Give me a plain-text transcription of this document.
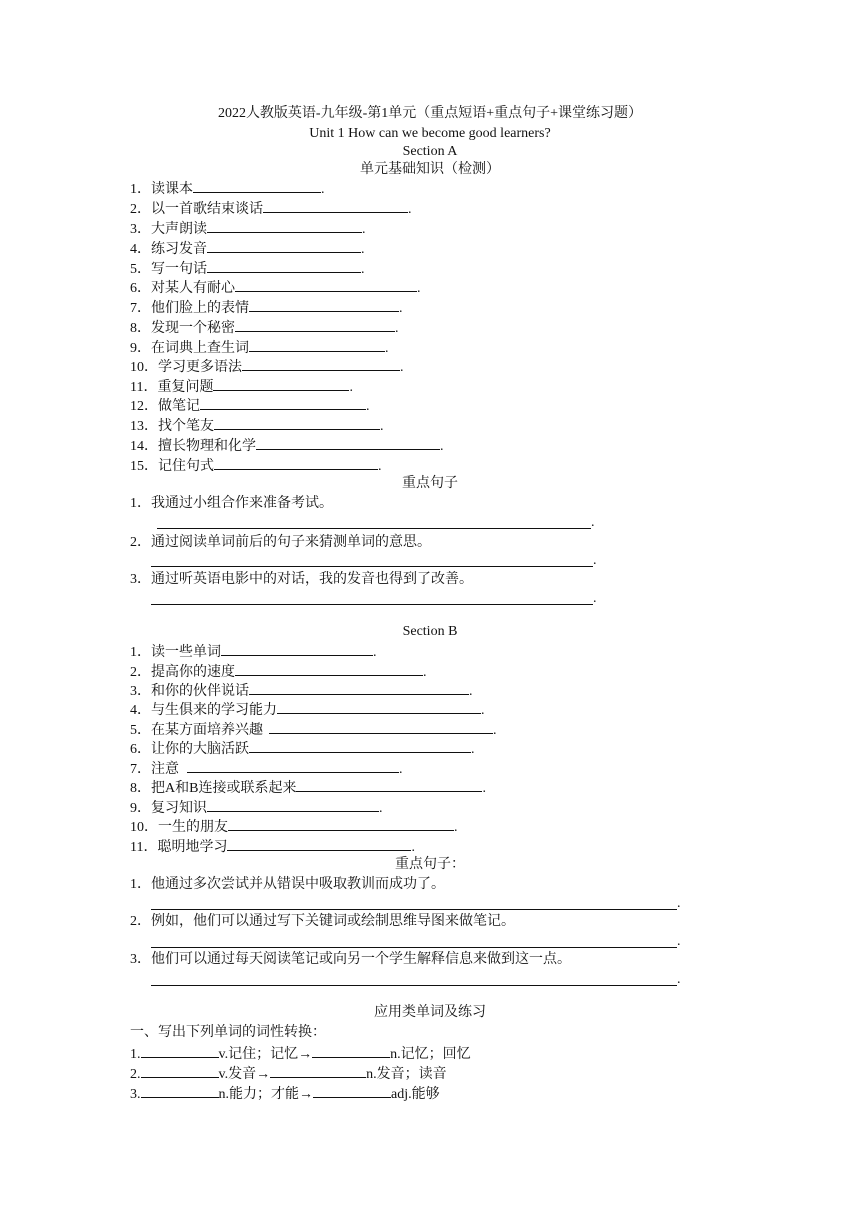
2022人教版英语-九年级-第1单元（重点短语+重点句子+课堂练习题）
Unit 1 How can we become good learners?
Section A
单元基础知识（检测）
1．读课本	.
2．以一首歌结束谈话	.
3．大声朗读	.
4．练习发音	.
5．写一句话	.
6．对某人有耐心	.
7．他们脸上的表情	.
8．发现一个秘密	.
9．在词典上查生词	.
10．学习更多语法	.
11．重复问题	.
12．做笔记	.
13．找个笔友	.
14．擅长物理和化学	.
15．记住句式	.
重点句子
1．我通过小组合作来准备考试。
.
2．通过阅读单词前后的句子来猜测单词的意思。
.
3．通过听英语电影中的对话，我的发音也得到了改善。
.
Section B
1．读一些单词	.
2．提高你的速度	.
3．和你的伙伴说话	.
4．与生俱来的学习能力	.
5．在某方面培养兴趣	.
6．让你的大脑活跃	.
7．注意	.
8．把A和B连接或联系起来	.
9．复习知识	.
10．一生的朋友	.
11．聪明地学习	.
重点句子：
1．他通过多次尝试并从错误中吸取教训而成功了。
.
2．例如，他们可以通过写下关键词或绘制思维导图来做笔记。
.
3．他们可以通过每天阅读笔记或向另一个学生解释信息来做到这一点。
.
应用类单词及练习
一、写出下列单词的词性转换：
1.	v.记住；记忆→	n.记忆；回忆
2.	v.发音→	n.发音；读音
3.	n.能力；才能→	adj.能够
